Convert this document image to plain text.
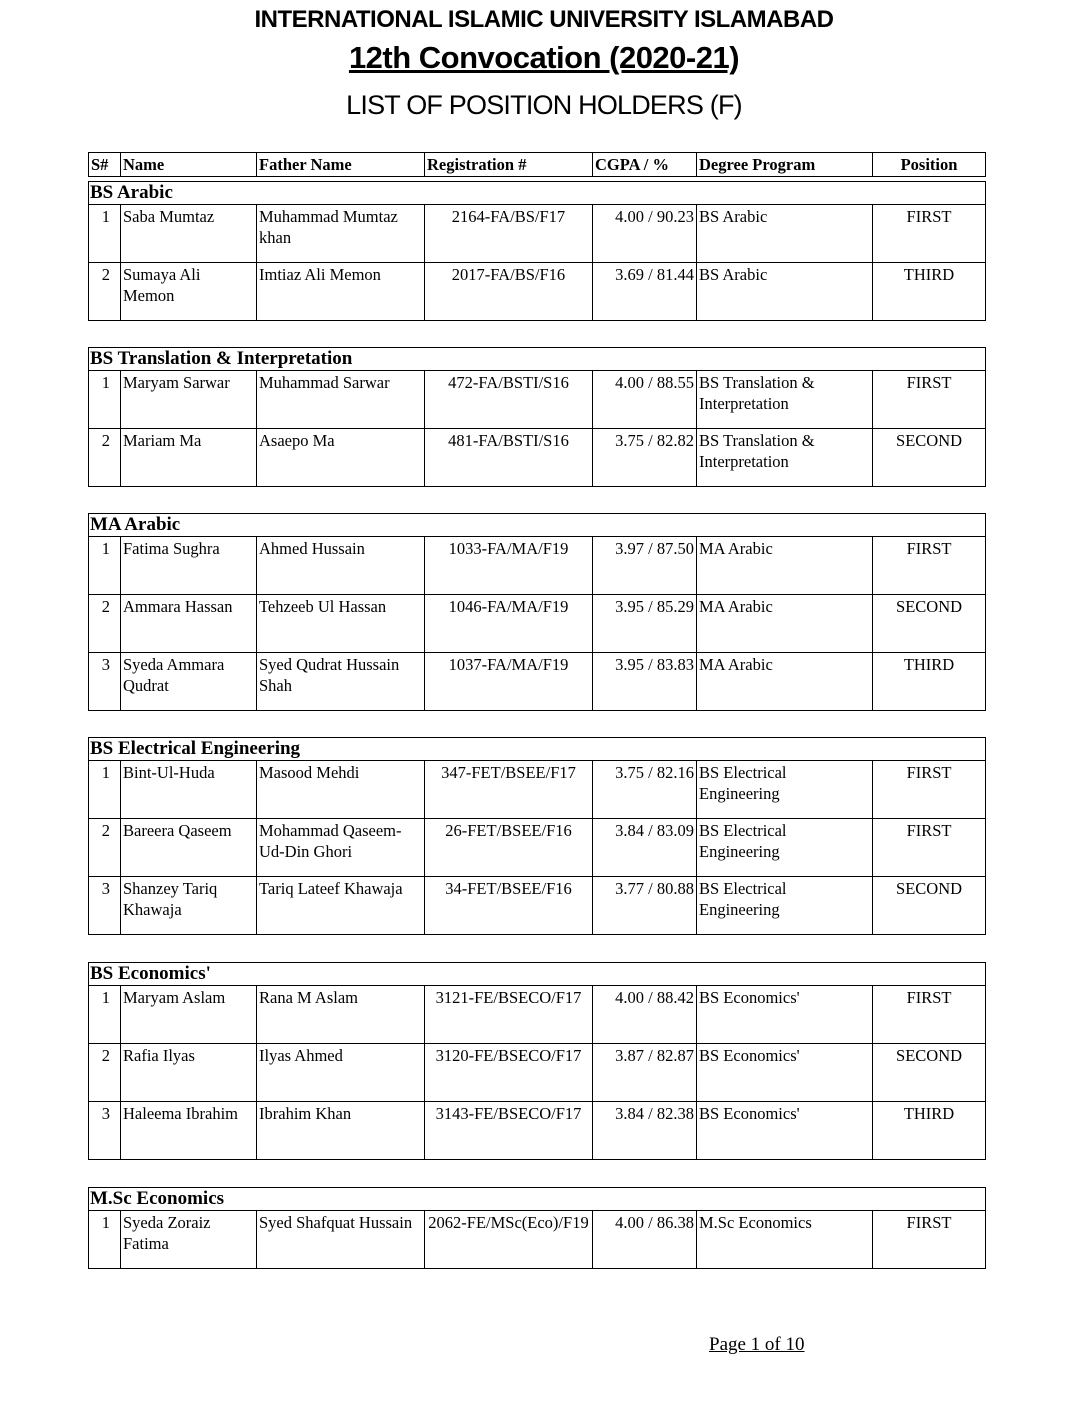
INTERNATIONAL ISLAMIC UNIVERSITY ISLAMABAD
12th Convocation (2020-21)
LIST OF POSITION HOLDERS (F)
S#	Name	Father Name	Registration #	CGPA / %	Degree Program	Position
BS Arabic						
1	Saba Mumtaz	Muhammad Mumtaz khan	2164-FA/BS/F17	4.00 / 90.23	BS Arabic	FIRST
2	Sumaya Ali Memon	Imtiaz Ali Memon	2017-FA/BS/F16	3.69 / 81.44	BS Arabic	THIRD
BS Translation & Interpretation						
1	Maryam Sarwar	Muhammad Sarwar	472-FA/BSTI/S16	4.00 / 88.55	BS Translation & Interpretation	FIRST
2	Mariam Ma	Asaepo Ma	481-FA/BSTI/S16	3.75 / 82.82	BS Translation & Interpretation	SECOND
MA Arabic						
1	Fatima Sughra	Ahmed Hussain	1033-FA/MA/F19	3.97 / 87.50	MA Arabic	FIRST
2	Ammara Hassan	Tehzeeb Ul Hassan	1046-FA/MA/F19	3.95 / 85.29	MA Arabic	SECOND
3	Syeda Ammara Qudrat	Syed Qudrat Hussain Shah	1037-FA/MA/F19	3.95 / 83.83	MA Arabic	THIRD
BS Electrical Engineering						
1	Bint-Ul-Huda	Masood Mehdi	347-FET/BSEE/F17	3.75 / 82.16	BS Electrical Engineering	FIRST
2	Bareera Qaseem	Mohammad Qaseem-Ud-Din Ghori	26-FET/BSEE/F16	3.84 / 83.09	BS Electrical Engineering	FIRST
3	Shanzey Tariq Khawaja	Tariq Lateef Khawaja	34-FET/BSEE/F16	3.77 / 80.88	BS Electrical Engineering	SECOND
BS Economics'						
1	Maryam Aslam	Rana M Aslam	3121-FE/BSECO/F17	4.00 / 88.42	BS Economics'	FIRST
2	Rafia Ilyas	Ilyas Ahmed	3120-FE/BSECO/F17	3.87 / 82.87	BS Economics'	SECOND
3	Haleema Ibrahim	Ibrahim Khan	3143-FE/BSECO/F17	3.84 / 82.38	BS Economics'	THIRD
M.Sc Economics
1	Syeda Zoraiz Fatima	Syed Shafquat Hussain	2062-FE/MSc(Eco)/F19	4.00 / 86.38	M.Sc Economics	FIRST
Page 1 of 10
